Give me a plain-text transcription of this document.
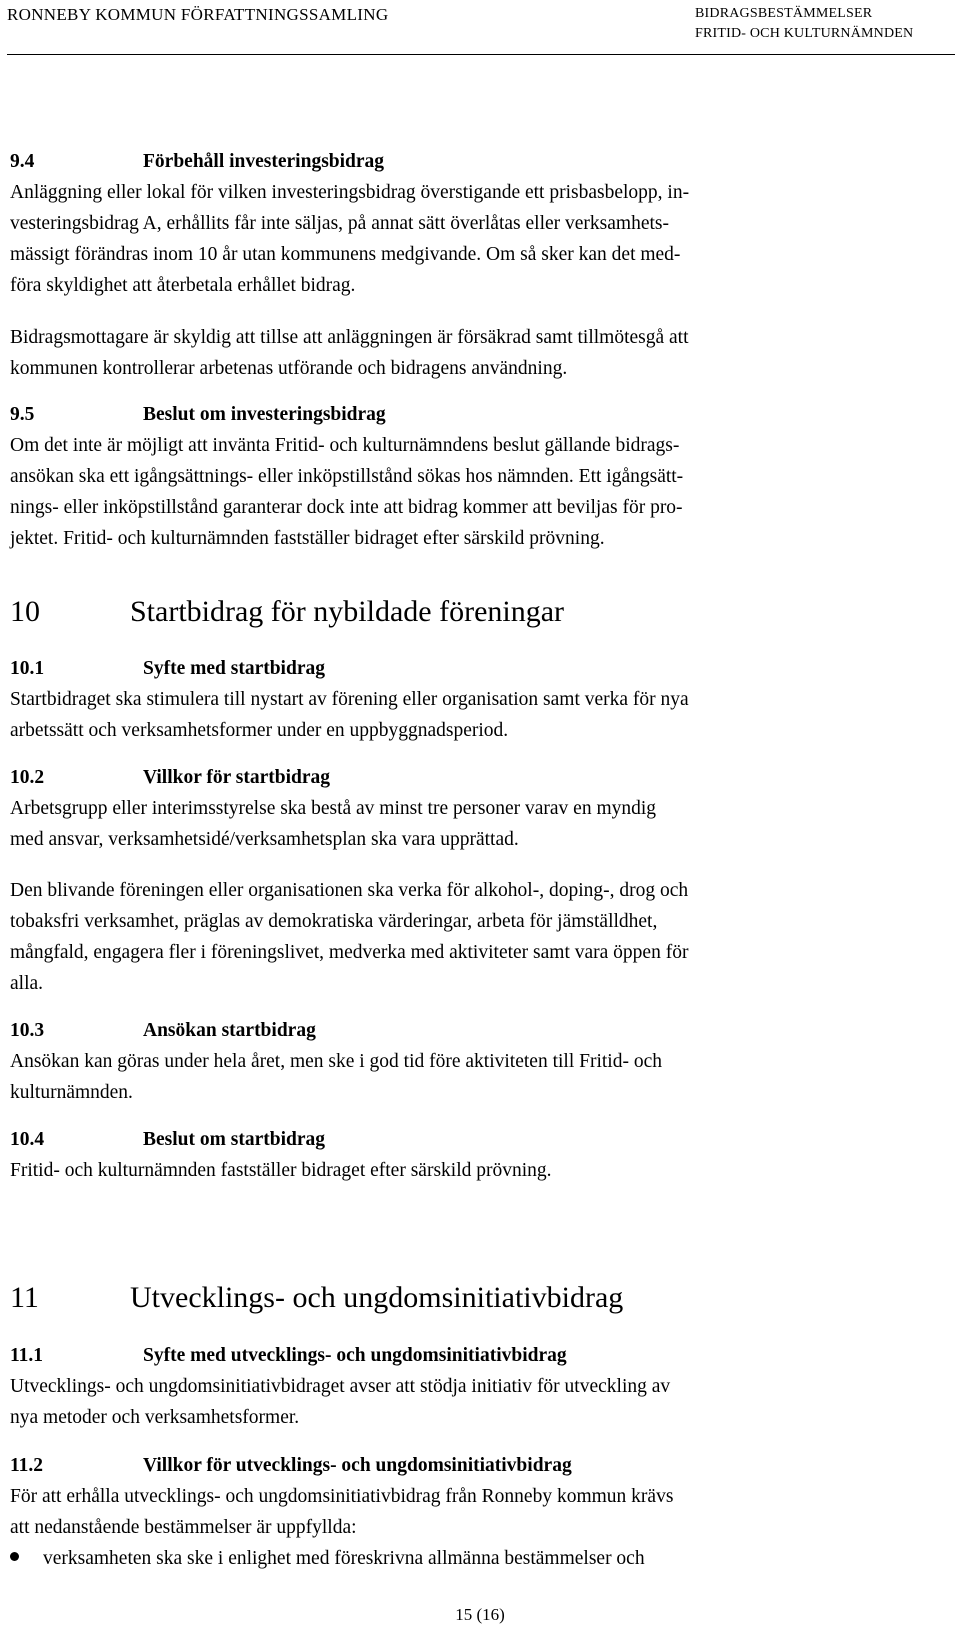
RONNEBY KOMMUN FÖRFATTNINGSSAMLING	BIDRAGSBESTÄMMELSER
FRITID- OCH KULTURNÄMNDEN
9.4	Förbehåll investeringsbidrag

Anläggning eller lokal för vilken investeringsbidrag överstigande ett prisbasbelopp, in-
vesteringsbidrag A, erhållits får inte säljas, på annat sätt överlåtas eller verksamhets-
mässigt förändras inom 10 år utan kommunens medgivande. Om så sker kan det med-
föra skyldighet att återbetala erhållet bidrag.

Bidragsmottagare är skyldig att tillse att anläggningen är försäkrad samt tillmötesgå att
kommunen kontrollerar arbetenas utförande och bidragens användning.
9.5	Beslut om investeringsbidrag
Om det inte är möjligt att invänta Fritid- och kulturnämndens beslut gällande bidrags-
ansökan ska ett igångsättnings- eller inköpstillstånd sökas hos nämnden. Ett igångsätt-
nings- eller inköpstillstånd garanterar dock inte att bidrag kommer att beviljas för pro-
jektet. Fritid- och kulturnämnden fastställer bidraget efter särskild prövning.
10	Startbidrag för nybildade föreningar
10.1	Syfte med startbidrag
Startbidraget ska stimulera till nystart av förening eller organisation samt verka för nya
arbetssätt och verksamhetsformer under en uppbyggnadsperiod.
10.2	Villkor för startbidrag
Arbetsgrupp eller interimsstyrelse ska bestå av minst tre personer varav en myndig
med ansvar, verksamhetsidé/verksamhetsplan ska vara upprättad.
Den blivande föreningen eller organisationen ska verka för alkohol-, doping-, drog och
tobaksfri verksamhet, präglas av demokratiska värderingar, arbeta för jämställdhet,
mångfald, engagera fler i föreningslivet, medverka med aktiviteter samt vara öppen för
alla.
10.3	Ansökan startbidrag
Ansökan kan göras under hela året, men ske i god tid före aktiviteten till Fritid- och
kulturnämnden.
10.4	Beslut om startbidrag
Fritid- och kulturnämnden fastställer bidraget efter särskild prövning.
11	Utvecklings- och ungdomsinitiativbidrag
11.1	Syfte med utvecklings- och ungdomsinitiativbidrag
Utvecklings- och ungdomsinitiativbidraget avser att stödja initiativ för utveckling av
nya metoder och verksamhetsformer.
11.2	Villkor för utvecklings- och ungdomsinitiativbidrag
För att erhålla utvecklings- och ungdomsinitiativbidrag från Ronneby kommun krävs
att nedanstående bestämmelser är uppfyllda:
verksamheten ska ske i enlighet med föreskrivna allmänna bestämmelser och
15 (16)
